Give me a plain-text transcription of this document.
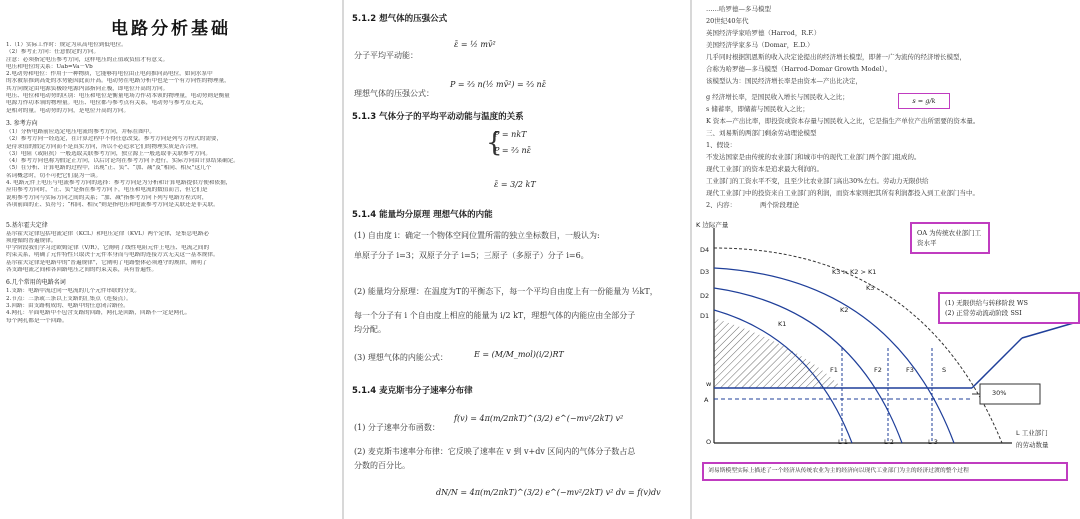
电路分析基础
1.（1）实际工作时：规定为从高电位到低电位。
（2）参考正方向：任意假定的方向。
注意：必须指定电压参考方向，这样电压的正值或负值才有意义。
电压和电位的关系：Uab=Va－Vb
2.电动势和电位：作用于一种物质，它能够将电位由正电荷推向高电位，如同水泵中
的水被泵推到高处的水势能因此而升高。电动势在电路分析中也是一个有方向性的物理量，
其方向规定由电源负极经电源内部指向正极，即电位升高的方向。
电压、电位和电动势的区别：电压和电位是衡量电场力作功本领的物理量，电动势则是衡量
电源力作功本领的物理量。电压、电位都与参考点有关系，电动势与参考点无关，
是相对的量。电动势的方向，是电位升高的方向。
3. 参考方向
（1）分析电路前应选定电压电流的参考方向，并标在图中。
（2）参考方向一经选定，在计算过程中不得任意改变。参考方向是列写方程式的需要，
是待求值的假定方向而不是真实方向，所以不必追求它们的物理实质是否合理。
（3）电阻（或阻抗）一般选取关联参考方向，独立源上一般选取非关联参考方向。
（4）参考方向也称为假定正方向，以后讨论均在参考方向下进行，实际方向由计算结果确定。
（5）在分析、计算电路的过程中，出现“正、负”、“加、减”及“相同、相反”这几个
名词概念时，切不可把它们混为一谈。
4. 电路元件上电压与电流参考方向的选择：参考方向是为分析和计算电路提供方便和依据，
应用参考方向时，“正、负”是指在参考方向下，电压和电流的数值而言，但它们是
说明参考方向与实际方向之间的关系；“加、减”指参考方向下列写电路方程式时，
各项前面的正、负符号；“相同、相反”则是指电压和电流参考方向是关联还是非关联。
5.基尔霍夫定律
基尔霍夫定律包括电流定律（KCL）和电压定律（KVL）两个定律，是集总电路必
须遵循的普遍规律。
中学阶段我们学习过欧姆定律（V/R），它阐明了线性电阻元件上电压、电流之间的
约束关系，明确了元件特性只取决于元件本身而与电路的连接方式无关这一基本规律。
基尔霍夫定律是电路中的“普遍规律”，它阐明了电路整体必须遵守的规律，阐明了
各支路电流之间和各回路电压之间的约束关系，具有普遍性。
6.几个常用的电路名词
1.支路：电路中流过同一电流的几个元件串联的分支。
2.节点：三条或三条以上支路的汇集点（连接点）。
3.回路：由支路构成的、电路中的任意闭合路径。
4.网孔：平面电路中不包含支路的回路，网孔是回路，回路不一定是网孔。
每个网孔都是一个回路。
5.1.2 想气体的压强公式
分子平均平动能：
ε̄ = ½ mv̄²
理想气体的压强公式：
P = ⅔ n(½ mv̄²) = ⅔ nε̄
5.1.3 气体分子的平均平动动能与温度的关系
P = nkT
P = ⅔ nε̄
{
ε̄ = 3/2 kT
5.1.4 能量均分原理 理想气体的内能
(1) 自由度 i：确定一个物体空间位置所需的独立坐标数目，一般认为:
单原子分子 i=3；双原子分子 i=5；三原子（多原子）分子 i=6。
(2) 能量均分原理：在温度为T的平衡态下，每一个平均自由度上有一份能量为 ½kT，
每一个分子有 i 个自由度上相应的能量为 i/2 kT，理想气体的内能应由全部分子
均分配。
(3) 理想气体的内能公式：	E = (M/M_mol)(i/2)RT
5.1.4 麦克斯韦分子速率分布律
(1) 分子速率分布函数：
f(v) = 4π(m/2πkT)^(3/2) e^(−mv²/2kT) v²
(2) 麦克斯韦速率分布律：它反映了速率在 v 到 v+dv 区间内的气体分子数占总
分数的百分比。
dN/N = 4π(m/2πkT)^(3/2) e^(−mv²/2kT) v² dv = f(v)dv
……哈罗德—多马模型
20世纪40年代
英国经济学家哈罗德（Harrod，R.F.）
美国经济学家多马（Domar，E.D.）
几乎同时根据凯恩斯的收入决定论提出的经济增长模型，即著一广为流传的经济增长模型，
合称为哈罗德—多马模型（Harrod-Domar Growth Model）。
该模型认为：国民经济增长率是由资本—产出比决定，
g 经济增长率，是国民收入增长与国民收入之比；
s 储蓄率，即储蓄与国民收入之比；
K 资本—产出比率，即投资或资本存量与国民收入之比，它是指生产单位产出所需要的资本量。
三、刘易斯的两部门剩余劳动理论模型
1、假设：
不发达国家是由传统的农业部门和城市中的现代工业部门两个部门组成的。
现代工业部门的资本是追求最大利润的。
工业部门的工资水平不变，且至少比农业部门高出30%左右。劳动力无限供给
现代工业部门中的投资来自工业部门的利润，而资本家则把其所有利润都投入到工业部门当中。
2、内容：	两个阶段理论
s = g/k
K 边际产量
D4
D3
D2
D1
K3 > K2 > K1
K1
K2
K3
F1	F2	F3	S
w
A
30%
O	L 1	L 2	L 3
L 工业部门
的劳动数量
OA 为传统农业部门工资水平
(1) 无限供给与转移阶段 WS
(2) 正常劳动流动阶段 SSI
刘易斯模型实际上描述了一个经济从传统农业为主的经济向以现代工业部门为主的经济过渡的整个过程
